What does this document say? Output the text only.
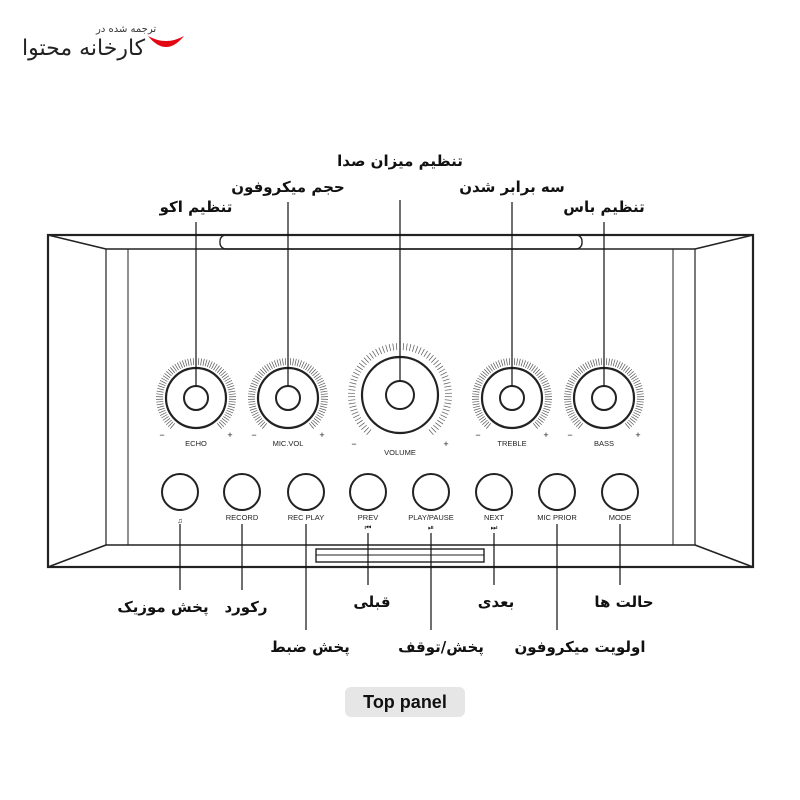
ترجمه شده در
کارخانه محتوا
ECHO
−	+
MIC.VOL
−	+
VOLUME
−	+	TREBLE
−	+
BASS
−	+
♫	RECORD	REC PLAY	PREV
⏮
PLAY/PAUSE
⏯
NEXT
⏭
MIC PRIOR	MODE
تنظیم اکو
حجم میکروفون
تنظیم میزان صدا
سه برابر شدن
تنظیم باس
پخش موزیک رکورد
پخش ضبط
قبلی
پخش/توقف
بعدی
اولویت میکروفون
حالت ها
Top panel
